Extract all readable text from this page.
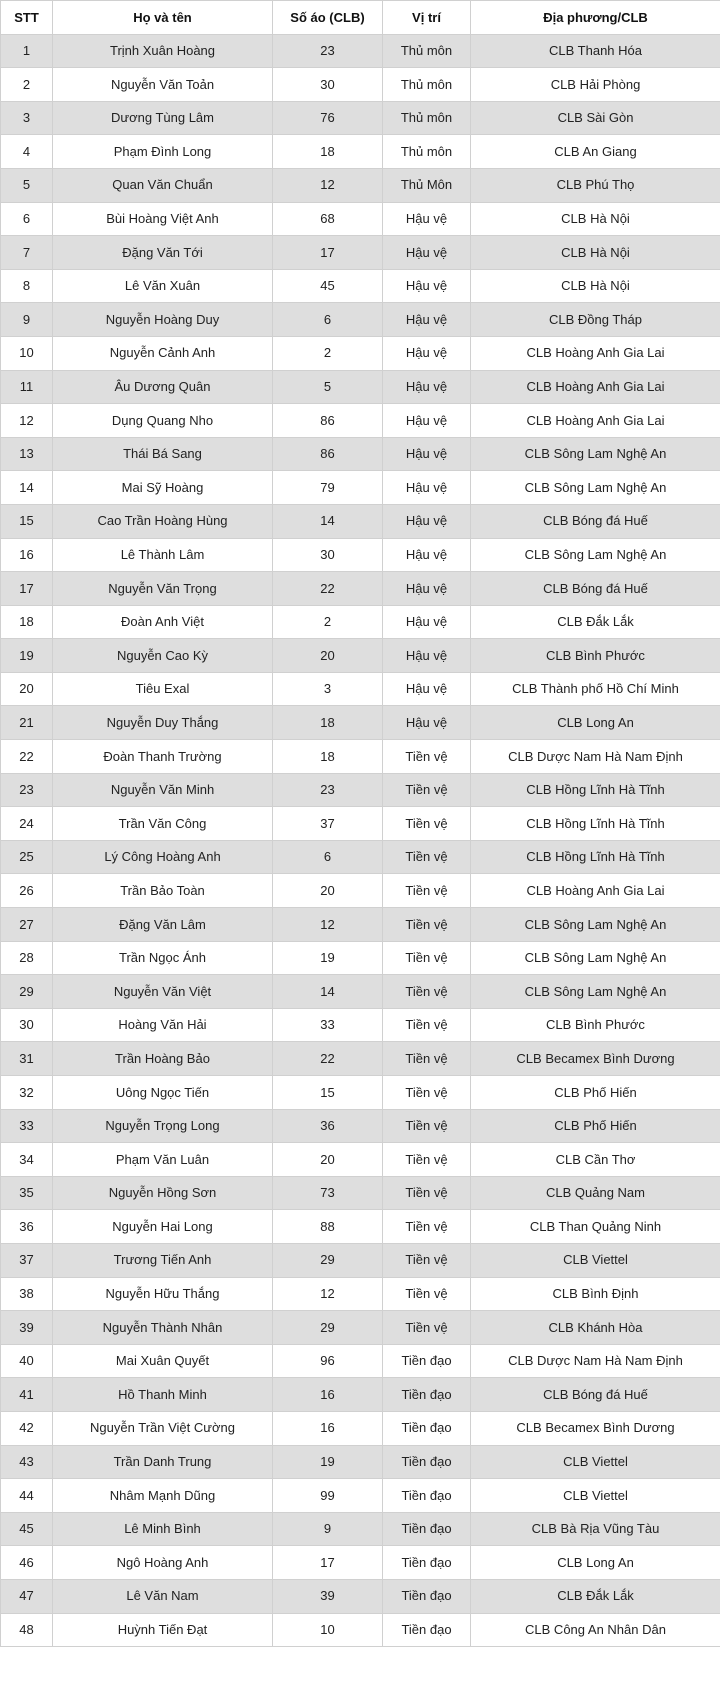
STT	Họ và tên	Số áo (CLB)	Vị trí	Địa phương/CLB
1	Trịnh Xuân Hoàng	23	Thủ môn	CLB Thanh Hóa
2	Nguyễn Văn Toản	30	Thủ môn	CLB Hải Phòng
3	Dương Tùng Lâm	76	Thủ môn	CLB Sài Gòn
4	Phạm Đình Long	18	Thủ môn	CLB An Giang
5	Quan Văn Chuẩn	12	Thủ Môn	CLB Phú Thọ
6	Bùi Hoàng Việt Anh	68	Hậu vệ	CLB Hà Nội
7	Đặng Văn Tới	17	Hậu vệ	CLB Hà Nội
8	Lê Văn Xuân	45	Hậu vệ	CLB Hà Nội
9	Nguyễn Hoàng Duy	6	Hậu vệ	CLB Đồng Tháp
10	Nguyễn Cảnh Anh	2	Hậu vệ	CLB Hoàng Anh Gia Lai
11	Âu Dương Quân	5	Hậu vệ	CLB Hoàng Anh Gia Lai
12	Dụng Quang Nho	86	Hậu vệ	CLB Hoàng Anh Gia Lai
13	Thái Bá Sang	86	Hậu vệ	CLB Sông Lam Nghệ An
14	Mai Sỹ Hoàng	79	Hậu vệ	CLB Sông Lam Nghệ An
15	Cao Trần Hoàng Hùng	14	Hậu vệ	CLB Bóng đá Huế
16	Lê Thành Lâm	30	Hậu vệ	CLB Sông Lam Nghệ An
17	Nguyễn Văn Trọng	22	Hậu vệ	CLB Bóng đá Huế
18	Đoàn Anh Việt	2	Hậu vệ	CLB Đắk Lắk
19	Nguyễn Cao Kỳ	20	Hậu vệ	CLB Bình Phước
20	Tiêu Exal	3	Hậu vệ	CLB Thành phố Hồ Chí Minh
21	Nguyễn Duy Thắng	18	Hậu vệ	CLB Long An
22	Đoàn Thanh Trường	18	Tiền vệ	CLB Dược Nam Hà Nam Định
23	Nguyễn Văn Minh	23	Tiền vệ	CLB Hồng Lĩnh Hà Tĩnh
24	Trần Văn Công	37	Tiền vệ	CLB Hồng Lĩnh Hà Tĩnh
25	Lý Công Hoàng Anh	6	Tiền vệ	CLB Hồng Lĩnh Hà Tĩnh
26	Trần Bảo Toàn	20	Tiền vệ	CLB Hoàng Anh Gia Lai
27	Đặng Văn Lâm	12	Tiền vệ	CLB Sông Lam Nghệ An
28	Trần Ngọc Ánh	19	Tiền vệ	CLB Sông Lam Nghệ An
29	Nguyễn Văn Việt	14	Tiền vệ	CLB Sông Lam Nghệ An
30	Hoàng Văn Hải	33	Tiền vệ	CLB Bình Phước
31	Trần Hoàng Bảo	22	Tiền vệ	CLB Becamex Bình Dương
32	Uông Ngọc Tiến	15	Tiền vệ	CLB Phố Hiến
33	Nguyễn Trọng Long	36	Tiền vệ	CLB Phố Hiến
34	Phạm Văn Luân	20	Tiền vệ	CLB Cần Thơ
35	Nguyễn Hồng Sơn	73	Tiền vệ	CLB Quảng Nam
36	Nguyễn Hai Long	88	Tiền vệ	CLB Than Quảng Ninh
37	Trương Tiến Anh	29	Tiền vệ	CLB Viettel
38	Nguyễn Hữu Thắng	12	Tiền vệ	CLB Bình Định
39	Nguyễn Thành Nhân	29	Tiền vệ	CLB Khánh Hòa
40	Mai Xuân Quyết	96	Tiền đạo	CLB Dược Nam Hà Nam Định
41	Hồ Thanh Minh	16	Tiền đạo	CLB Bóng đá Huế
42	Nguyễn Trần Việt Cường	16	Tiền đạo	CLB Becamex Bình Dương
43	Trần Danh Trung	19	Tiền đạo	CLB Viettel
44	Nhâm Mạnh Dũng	99	Tiền đạo	CLB Viettel
45	Lê Minh Bình	9	Tiền đạo	CLB Bà Rịa Vũng Tàu
46	Ngô Hoàng Anh	17	Tiền đạo	CLB Long An
47	Lê Văn Nam	39	Tiền đạo	CLB Đắk Lắk
48	Huỳnh Tiến Đạt	10	Tiền đạo	CLB Công An Nhân Dân
